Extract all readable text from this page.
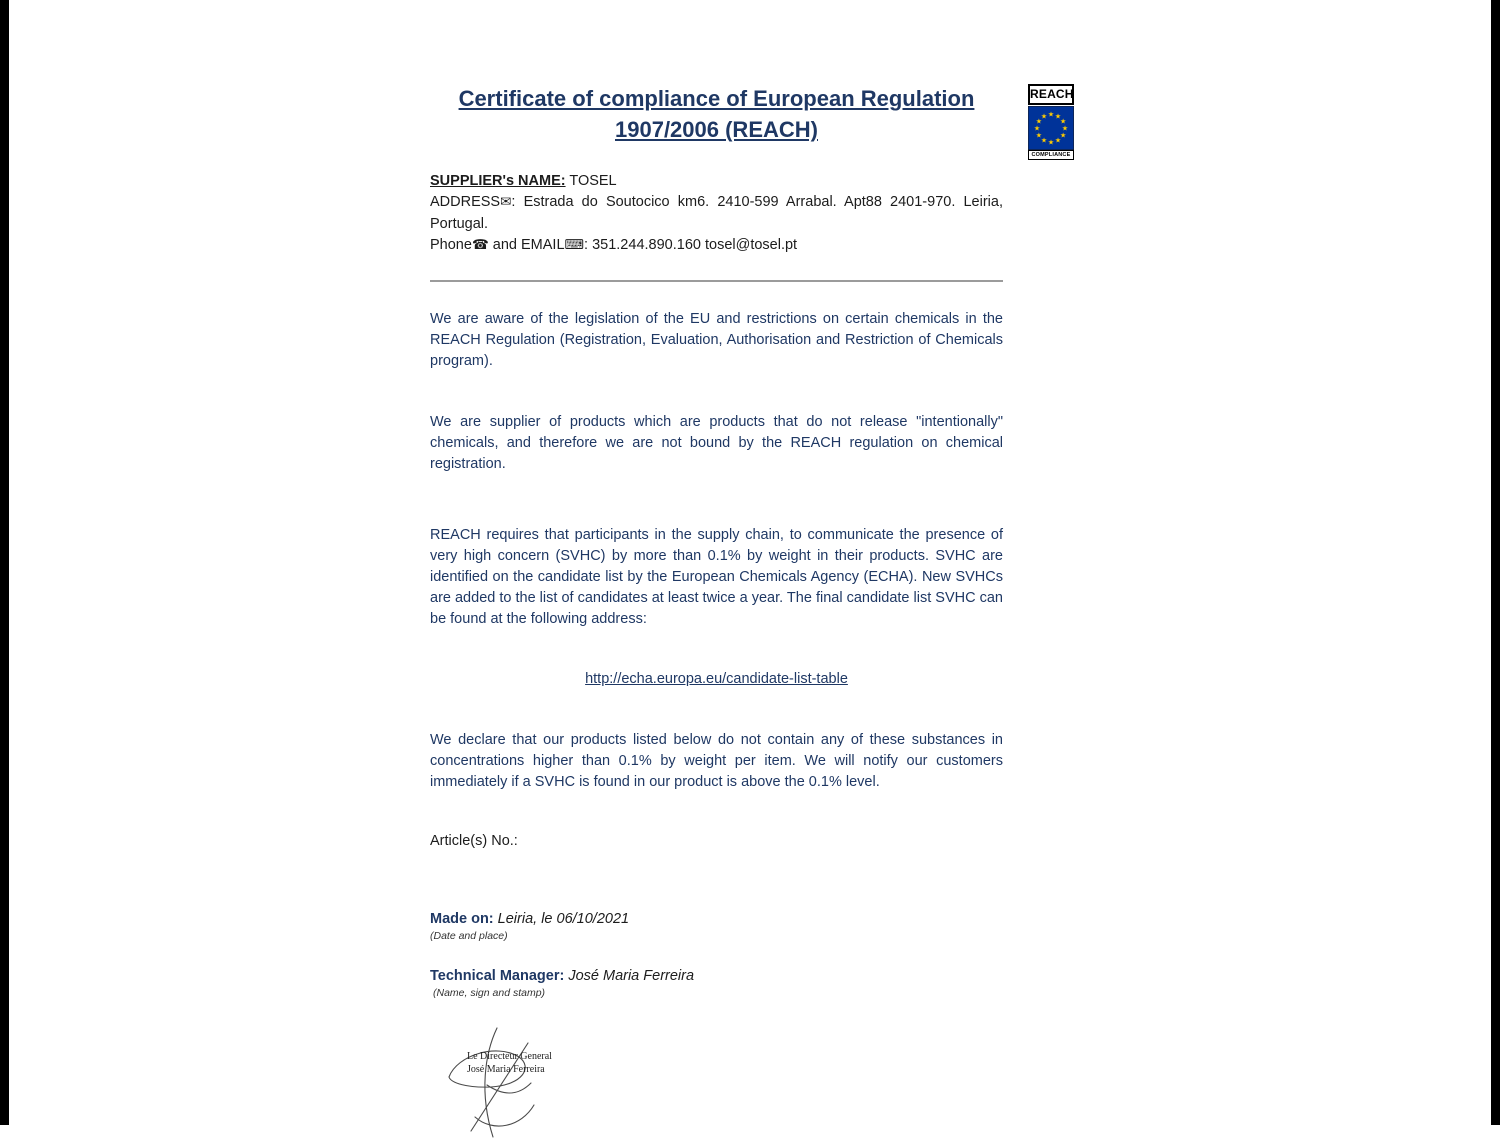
REACH
★ ★
★
★
★
★
★
★
★
★
★
★
COMPLIANCE
Certificate of compliance of European Regulation
1907/2006 (REACH)
SUPPLIER's NAME: TOSEL
ADDRESS✉: Estrada do Soutocico km6. 2410-599 Arrabal. Apt88 2401-970. Leiria, Portugal.
Phone☎ and EMAIL⌨: 351.244.890.160 tosel@tosel.pt

We are aware of the legislation of the EU and restrictions on certain chemicals in the REACH Regulation (Registration, Evaluation, Authorisation and Restriction of Chemicals program).

We are supplier of products which are products that do not release "intentionally" chemicals, and therefore we are not bound by the REACH regulation on chemical registration.

REACH requires that participants in the supply chain, to communicate the presence of very high concern (SVHC) by more than 0.1% by weight in their products. SVHC are identified on the candidate list by the European Chemicals Agency (ECHA). New SVHCs are added to the list of candidates at least twice a year. The final candidate list SVHC can be found at the following address:

http://echa.europa.eu/candidate-list-table

We declare that our products listed below do not contain any of these substances in concentrations higher than 0.1% by weight per item. We will notify our customers immediately if a SVHC is found in our product is above the 0.1% level.

Article(s) No.:
Made on: Leiria, le 06/10/2021
(Date and place)
Technical Manager: José Maria Ferreira
(Name, sign and stamp)
Le Directeur General
José Maria Ferreira
